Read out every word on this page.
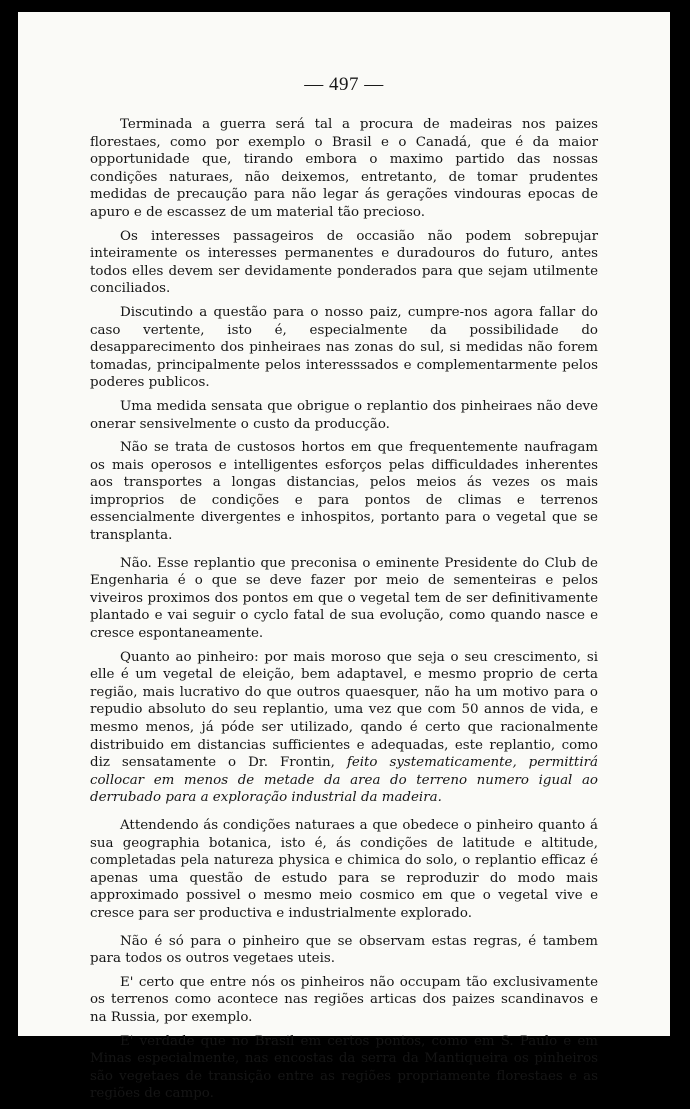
— 497 —

Terminada a guerra será tal a procura de madeiras nos paizes florestaes, como por exemplo o Brasil e o Canadá, que é da maior opportunidade que, tirando embora o maximo partido das nossas condições naturaes, não deixemos, entretanto, de tomar prudentes medidas de precaução para não legar ás gerações vindouras epocas de apuro e de escassez de um material tão precioso.

Os interesses passageiros de occasião não podem sobrepujar inteiramente os interesses permanentes e duradouros do futuro, antes todos elles devem ser devidamente ponderados para que sejam utilmente conciliados.

Discutindo a questão para o nosso paiz, cumpre-nos agora fallar do caso vertente, isto é, especialmente da possibilidade do desapparecimento dos pinheiraes nas zonas do sul, si medidas não forem tomadas, principalmente pelos interesssados e complementarmente pelos poderes publicos.

Uma medida sensata que obrigue o replantio dos pinheiraes não deve onerar sensivelmente o custo da producção.

Não se trata de custosos hortos em que frequentemente naufragam os mais operosos e intelligentes esforços pelas difficuldades inherentes aos transportes a longas distancias, pelos meios ás vezes os mais improprios de condições e para pontos de climas e terrenos essencialmente divergentes e inhospitos, portanto para o vegetal que se transplanta.

Não. Esse replantio que preconisa o eminente Presidente do Club de Engenharia é o que se deve fazer por meio de sementeiras e pelos viveiros proximos dos pontos em que o vegetal tem de ser definitivamente plantado e vai seguir o cyclo fatal de sua evolução, como quando nasce e cresce espontaneamente.

Quanto ao pinheiro: por mais moroso que seja o seu crescimento, si elle é um vegetal de eleição, bem adaptavel, e mesmo proprio de certa região, mais lucrativo do que outros quaesquer, não ha um motivo para o repudio absoluto do seu replantio, uma vez que com 50 annos de vida, e mesmo menos, já póde ser utilizado, qando é certo que racionalmente distribuido em distancias sufficientes e adequadas, este replantio, como diz sensatamente o Dr. Frontin, feito systematicamente, permittirá collocar em menos de metade da area do terreno numero igual ao derrubado para a exploração industrial da madeira.

Attendendo ás condições naturaes a que obedece o pinheiro quanto á sua geographia botanica, isto é, ás condições de latitude e altitude, completadas pela natureza physica e chimica do solo, o replantio efficaz é apenas uma questão de estudo para se reproduzir do modo mais approximado possivel o mesmo meio cosmico em que o vegetal vive e cresce para ser productiva e industrialmente explorado.

Não é só para o pinheiro que se observam estas regras, é tambem para todos os outros vegetaes uteis.

E' certo que entre nós os pinheiros não occupam tão exclusivamente os terrenos como acontece nas regiões articas dos paizes scandinavos e na Russia, por exemplo.

E' verdade que no Brasil em certos pontos, como em S. Paulo e em Minas especialmente, nas encostas da serra da Mantiqueira os pinheiros são vegetaes de transição entre as regiões propriamente florestaes e as regiões de campo.
